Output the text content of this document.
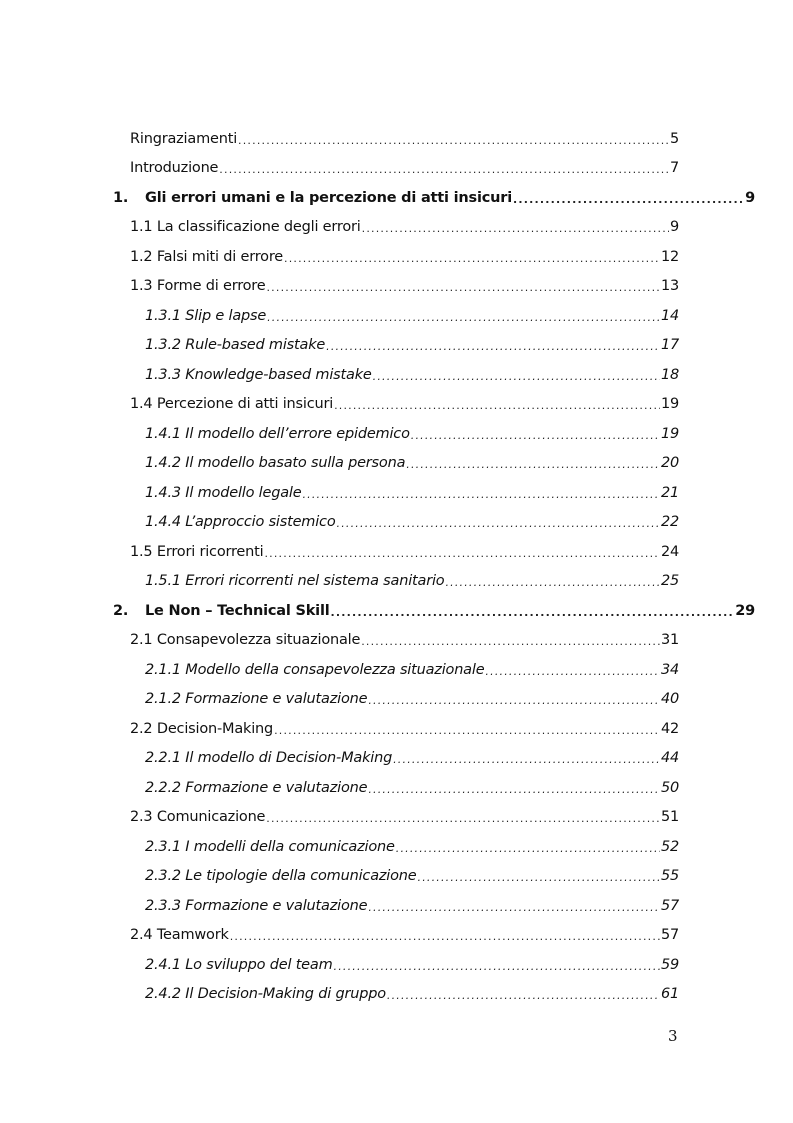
Ringraziamenti .....	5
Introduzione .....	7
1. Gli errori umani e la percezione di atti insicuri .....	9
1.1 La classificazione degli errori .....	9
1.2 Falsi miti di errore .....	12
1.3 Forme di errore .....	13
1.3.1 Slip e lapse .....	14
1.3.2 Rule-based mistake .....	17
1.3.3 Knowledge-based mistake .....	18
1.4 Percezione di atti insicuri .....	19
1.4.1 Il modello dell’errore epidemico .....	19
1.4.2 Il modello basato sulla persona .....	20
1.4.3 Il modello legale .....	21
1.4.4 L’approccio sistemico .....	22
1.5 Errori ricorrenti .....	24
1.5.1 Errori ricorrenti nel sistema sanitario .....	25
2. Le Non – Technical Skill .....	29
2.1 Consapevolezza situazionale .....	31
2.1.1 Modello della consapevolezza situazionale .....	34
2.1.2 Formazione e valutazione .....	40
2.2 Decision-Making .....	42
2.2.1 Il modello di Decision-Making .....	44
2.2.2 Formazione e valutazione .....	50
2.3 Comunicazione .....	51
2.3.1 I modelli della comunicazione .....	52
2.3.2 Le tipologie della comunicazione .....	55
2.3.3 Formazione e valutazione .....	57
2.4 Teamwork .....	57
2.4.1 Lo sviluppo del team .....	59
2.4.2 Il Decision-Making di gruppo .....	61
3
